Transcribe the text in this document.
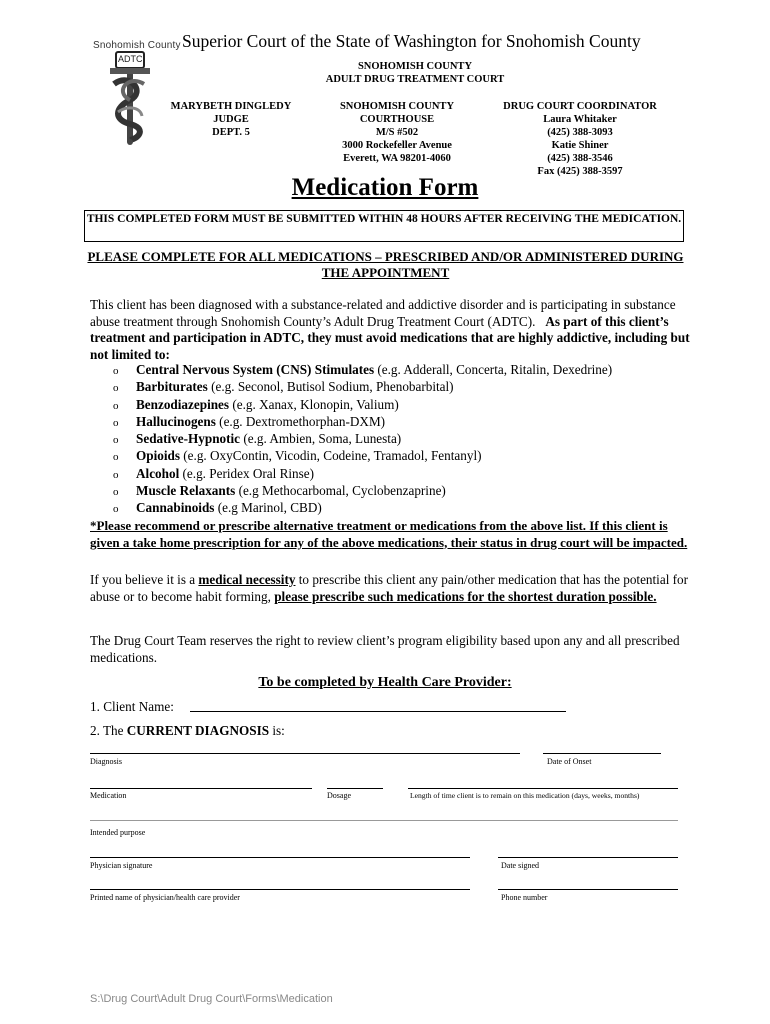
Snohomish County
ADTC
Superior Court of the State of Washington for Snohomish County
SNOHOMISH COUNTY
ADULT DRUG TREATMENT COURT
MARYBETH DINGLEDY
JUDGE
DEPT. 5
SNOHOMISH COUNTY
COURTHOUSE
M/S #502
3000 Rockefeller Avenue
Everett, WA 98201-4060
DRUG COURT COORDINATOR
Laura Whitaker
(425) 388-3093
Katie Shiner
(425) 388-3546
Fax (425) 388-3597
Medication Form
THIS COMPLETED FORM MUST BE SUBMITTED WITHIN 48 HOURS AFTER RECEIVING THE MEDICATION.
PLEASE COMPLETE FOR ALL MEDICATIONS – PRESCRIBED AND/OR ADMINISTERED DURING THE APPOINTMENT
This client has been diagnosed with a substance-related and addictive disorder and is participating in substance abuse treatment through Snohomish County’s Adult Drug Treatment Court (ADTC). As part of this client’s treatment and participation in ADTC, they must avoid medications that are highly addictive, including but not limited to:
o Central Nervous System (CNS) Stimulates (e.g. Adderall, Concerta, Ritalin, Dexedrine)
o Barbiturates (e.g. Seconol, Butisol Sodium, Phenobarbital)
o Benzodiazepines (e.g. Xanax, Klonopin, Valium)
o Hallucinogens (e.g. Dextromethorphan-DXM)
o Sedative-Hypnotic (e.g. Ambien, Soma, Lunesta)
o Opioids (e.g. OxyContin, Vicodin, Codeine, Tramadol, Fentanyl)
o Alcohol (e.g. Peridex Oral Rinse)
o Muscle Relaxants (e.g Methocarbomal, Cyclobenzaprine)
o Cannabinoids (e.g Marinol, CBD)
*Please recommend or prescribe alternative treatment or medications from the above list. If this client is given a take home prescription for any of the above medications, their status in drug court will be impacted.
If you believe it is a medical necessity to prescribe this client any pain/other medication that has the potential for abuse or to become habit forming, please prescribe such medications for the shortest duration possible.
The Drug Court Team reserves the right to review client’s program eligibility based upon any and all prescribed medications.
To be completed by Health Care Provider:
1. Client Name:
2. The CURRENT DIAGNOSIS is:
Diagnosis	Date of Onset
Medication	Dosage	Length of time client is to remain on this medication (days, weeks, months)
Intended purpose
Physician signature	Date signed
Printed name of physician/health care provider	Phone number
S:\Drug Court\Adult Drug Court\Forms\Medication
